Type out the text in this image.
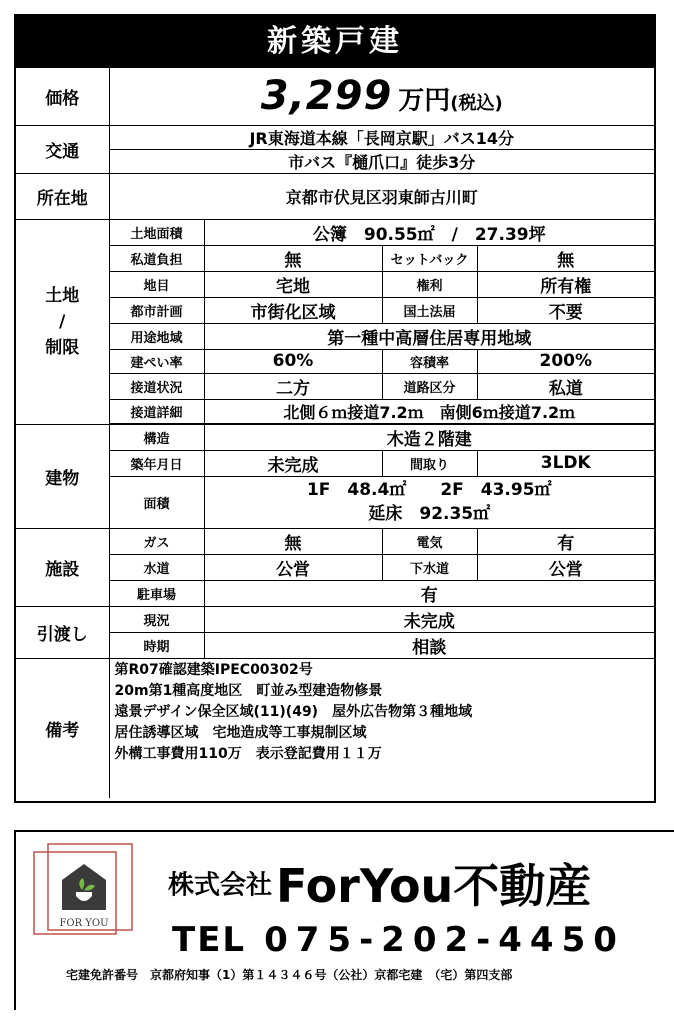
新築戸建
価格	3,299 万円(税込)			
交通	JR東海道本線「長岡京駅」バス14分			
	市バス『樋爪口』徒歩3分			
所在地	京都市伏見区羽東師古川町			

土地
/
制限	土地面積	公簿　90.55㎡　/　27.39坪		
	私道負担	無	セットバック	無
	地目	宅地	権利	所有権
	都市計画	市街化区域	国土法届	不要
	用途地域	第一種中高層住居専用地域		
	建ぺい率	60%	容積率	200%
	接道状況	二方	道路区分	私道
	接道詳細	北側６ｍ接道7.2ｍ　南側6ｍ接道7.2ｍ		

建物	構造	木造２階建		
	築年月日	未完成	間取り	3LDK
	面積	1F　48.4㎡　　2F　43.95㎡
延床　92.35㎡		

施設	ガス	無	電気	有
	水道	公営	下水道	公営
	駐車場	有		
引渡し	現況	未完成		
	時期	相談		
備考	第R07確認建築IPEC00302号
20m第1種高度地区　町並み型建造物修景
遠景デザイン保全区域(11)(49)　屋外広告物第３種地域
居住誘導区域　宅地造成等工事規制区域
外構工事費用110万　表示登記費用１１万			
FOR YOU
株式会社ForYou不動産
TEL 075-202-4450
宅建免許番号　京都府知事（1）第１４３４６号（公社）京都宅建　（宅）第四支部
